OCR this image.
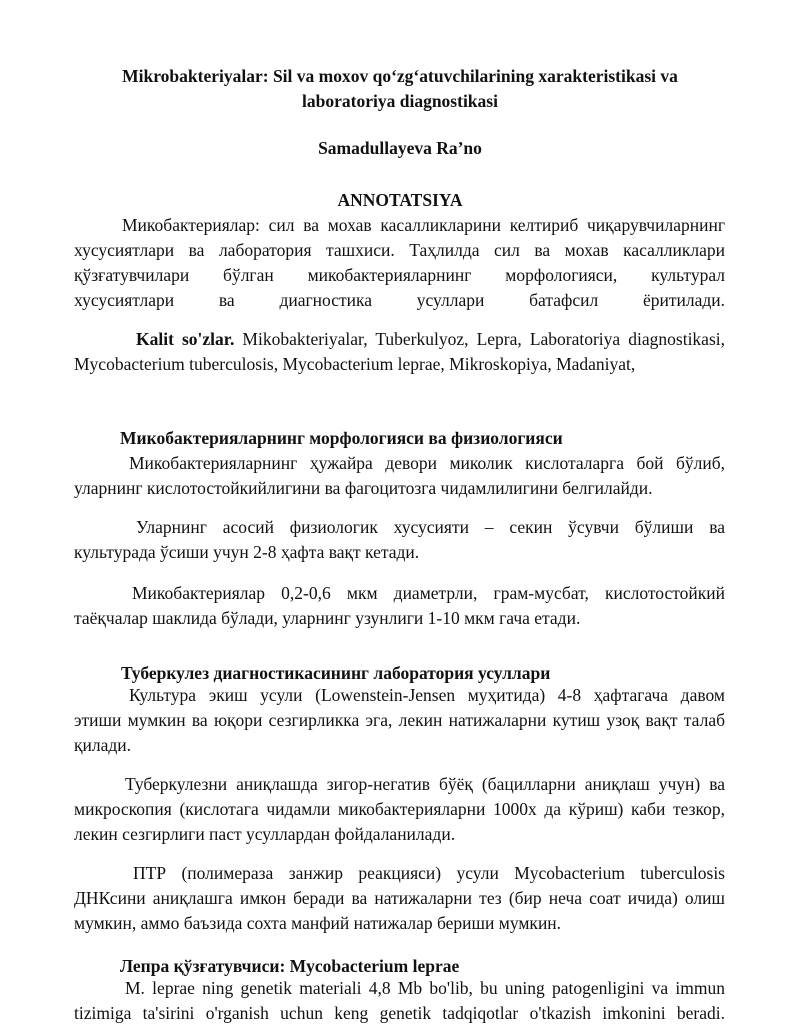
Mikrobakteriyalar: Sil va moxov qo‘zg‘atuvchilarining xarakteristikasi va
laboratoriya diagnostikasi
Samadullayeva Ra’no
ANNOTATSIYA
Микобактериялар: сил ва мохав касалликларини келтириб чиқарувчиларнинг
хусусиятлари ва лаборатория ташхиси. Таҳлилда сил ва мохав касалликлари
қўзғатувчилари бўлган микобактерияларнинг морфологияси, культурал
хусусиятлари ва диагностика усуллари батафсил ёритилади.
Kalit so'zlar. Mikobakteriyalar, Tuberkulyoz, Lepra, Laboratoriya diagnostikasi,
Mycobacterium tuberculosis, Mycobacterium leprae, Mikroskopiya, Madaniyat,
Микобактерияларнинг морфологияси ва физиологияси
Микобактерияларнинг ҳужайра девори миколик кислоталарга бой бўлиб,
уларнинг кислотостойкийлигини ва фагоцитозга чидамлилигини белгилайди.
Уларнинг асосий физиологик хусусияти – секин ўсувчи бўлиши ва
культурада ўсиши учун 2-8 ҳафта вақт кетади.
Микобактериялар 0,2-0,6 мкм диаметрли, грам-мусбат, кислотостойкий
таёқчалар шаклида бўлади, уларнинг узунлиги 1-10 мкм гача етади.
Туберкулез диагностикасининг лаборатория усуллари
Культура экиш усули (Lowenstein-Jensen муҳитида) 4-8 ҳафтагача давом
этиши мумкин ва юқори сезгирликка эга, лекин натижаларни кутиш узоқ вақт талаб
қилади.
Туберкулезни аниқлашда зигор-негатив бўёқ (бацилларни аниқлаш учун) ва
микроскопия (кислотага чидамли микобактерияларни 1000x да кўриш) каби тезкор,
лекин сезгирлиги паст усуллардан фойдаланилади.
ПТР (полимераза занжир реакцияси) усули Mycobacterium tuberculosis
ДНКсини аниқлашга имкон беради ва натижаларни тез (бир неча соат ичида) олиш
мумкин, аммо баъзида сохта манфий натижалар бериши мумкин.
Лепра қўзғатувчиси: Mycobacterium leprae
M. leprae ning genetik materiali 4,8 Mb bo'lib, bu uning patogenligini va immun
tizimiga ta'sirini o'rganish uchun keng genetik tadqiqotlar o'tkazish imkonini beradi.
